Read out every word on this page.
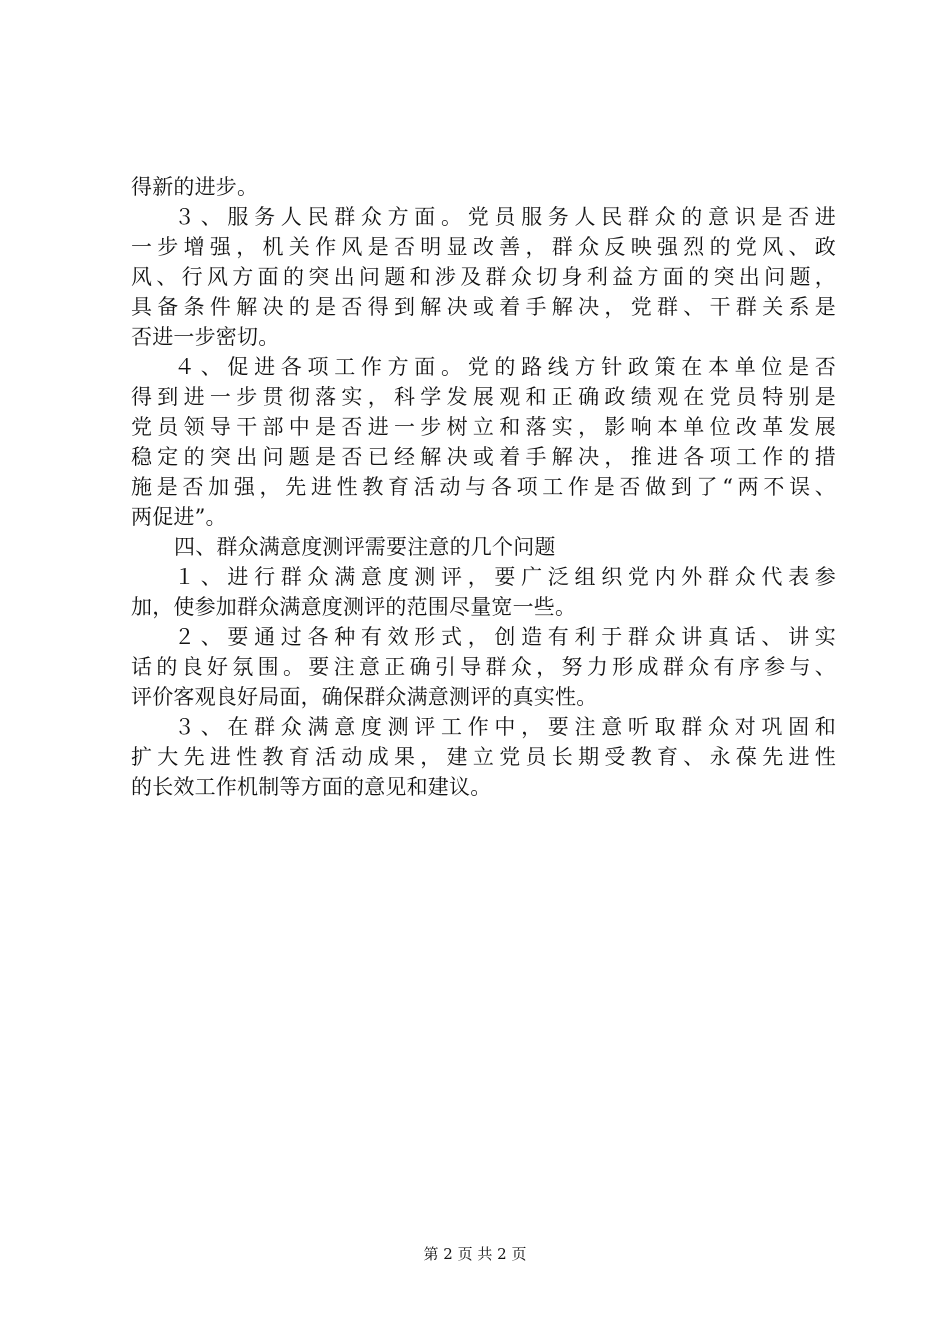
得新的进步。
３、服务人民群众方面。党员服务人民群众的意识是否进
一步增强，机关作风是否明显改善，群众反映强烈的党风、政
风、行风方面的突出问题和涉及群众切身利益方面的突出问题，
具备条件解决的是否得到解决或着手解决，党群、干群关系是
否进一步密切。
４、促进各项工作方面。党的路线方针政策在本单位是否
得到进一步贯彻落实，科学发展观和正确政绩观在党员特别是
党员领导干部中是否进一步树立和落实，影响本单位改革发展
稳定的突出问题是否已经解决或着手解决，推进各项工作的措
施是否加强，先进性教育活动与各项工作是否做到了“两不误、
两促进”。
四、群众满意度测评需要注意的几个问题
１、进行群众满意度测评，要广泛组织党内外群众代表参
加，使参加群众满意度测评的范围尽量宽一些。
２、要通过各种有效形式，创造有利于群众讲真话、讲实
话的良好氛围。要注意正确引导群众，努力形成群众有序参与、
评价客观良好局面，确保群众满意测评的真实性。
３、在群众满意度测评工作中，要注意听取群众对巩固和
扩大先进性教育活动成果，建立党员长期受教育、永葆先进性
的长效工作机制等方面的意见和建议。
第 2 页 共 2 页
